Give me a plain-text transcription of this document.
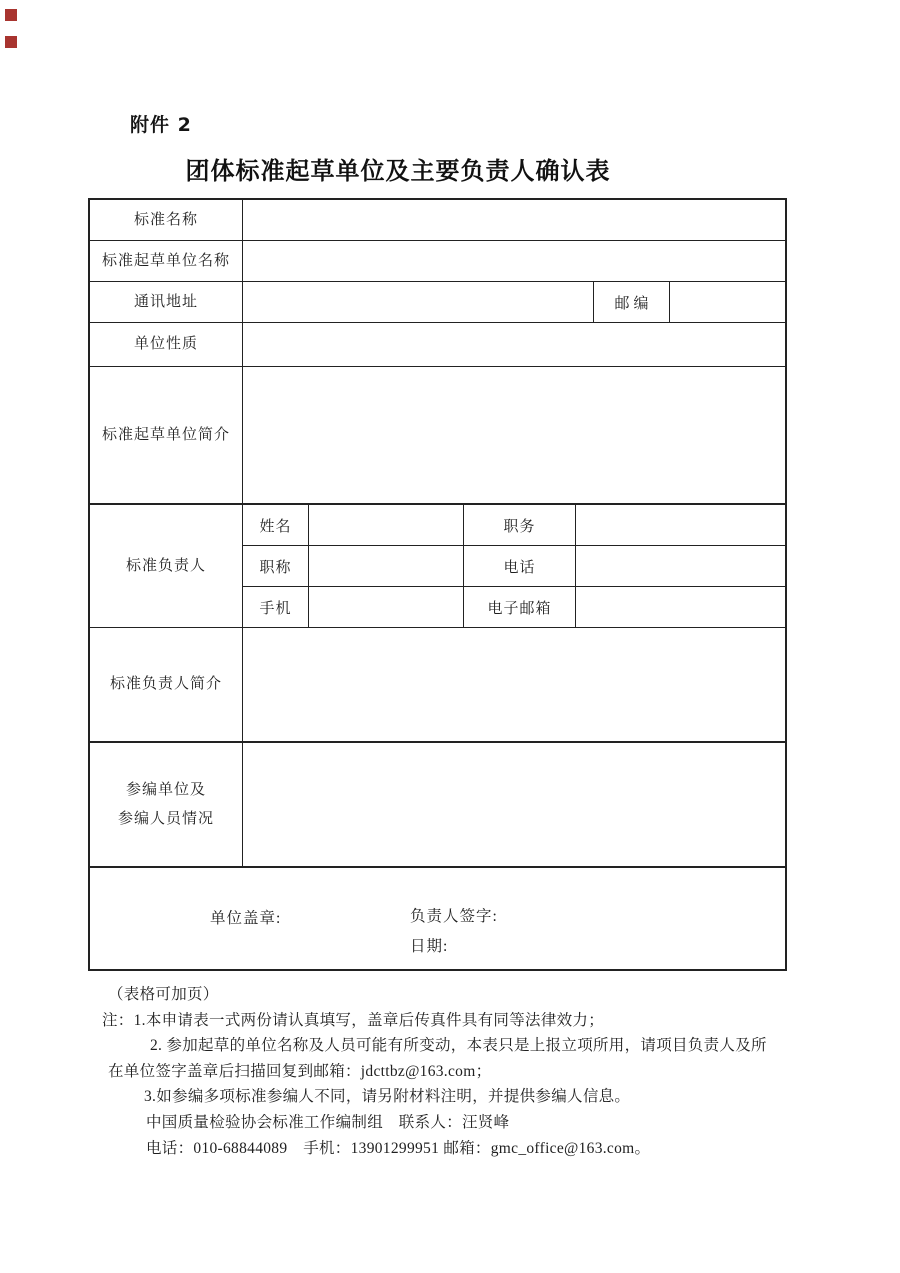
附件 2
团体标准起草单位及主要负责人确认表
标准名称
标准起草单位名称
通讯地址	邮编
单位性质
标准起草单位简介
标准负责人
姓名	职务
职称	电话
手机	电子邮箱
标准负责人简介
参编单位及
参编人员情况
单位盖章:	负责人签字:
日期:
（表格可加页）
注：1.本申请表一式两份请认真填写，盖章后传真件具有同等法律效力；
2. 参加起草的单位名称及人员可能有所变动，本表只是上报立项所用，请项目负责人及所
在单位签字盖章后扫描回复到邮箱：jdcttbz@163.com；
3.如参编多项标准参编人不同，请另附材料注明，并提供参编人信息。
中国质量检验协会标准工作编制组　联系人：汪贤峰
电话：010-68844089　手机：13901299951 邮箱：gmc_office@163.com。
